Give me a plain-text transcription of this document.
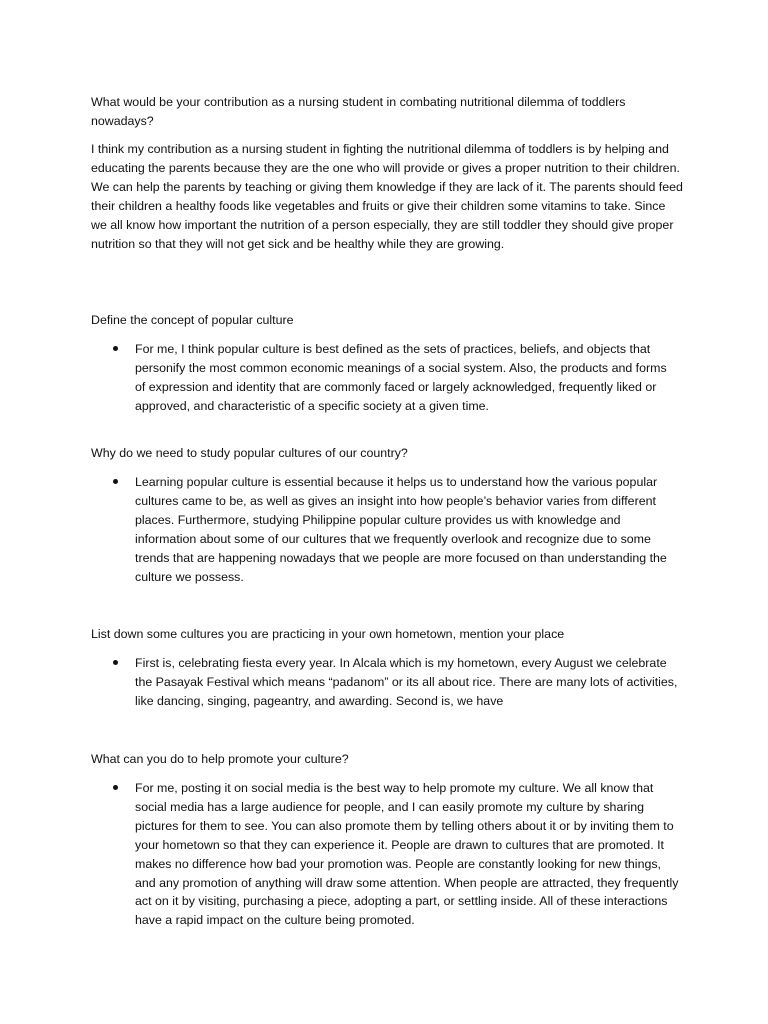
What would be your contribution as a nursing student in combating nutritional dilemma of toddlers nowadays?

I think my contribution as a nursing student in fighting the nutritional dilemma of toddlers is by helping and educating the parents because they are the one who will provide or gives a proper nutrition to their children. We can help the parents by teaching or giving them knowledge if they are lack of it. The parents should feed their children a healthy foods like vegetables and fruits or give their children some vitamins to take. Since we all know how important the nutrition of a person especially, they are still toddler they should give proper nutrition so that they will not get sick and be healthy while they are growing.

Define the concept of popular culture

For me, I think popular culture is best defined as the sets of practices, beliefs, and objects that personify the most common economic meanings of a social system. Also, the products and forms of expression and identity that are commonly faced or largely acknowledged, frequently liked or approved, and characteristic of a specific society at a given time.

Why do we need to study popular cultures of our country?

Learning popular culture is essential because it helps us to understand how the various popular cultures came to be, as well as gives an insight into how people’s behavior varies from different places. Furthermore, studying Philippine popular culture provides us with knowledge and information about some of our cultures that we frequently overlook and recognize due to some trends that are happening nowadays that we people are more focused on than understanding the culture we possess.

List down some cultures you are practicing in your own hometown, mention your place

First is, celebrating fiesta every year. In Alcala which is my hometown, every August we celebrate the Pasayak Festival which means “padanom” or its all about rice. There are many lots of activities, like dancing, singing, pageantry, and awarding. Second is, we have

What can you do to help promote your culture?

For me, posting it on social media is the best way to help promote my culture. We all know that social media has a large audience for people, and I can easily promote my culture by sharing pictures for them to see. You can also promote them by telling others about it or by inviting them to your hometown so that they can experience it. People are drawn to cultures that are promoted. It makes no difference how bad your promotion was. People are constantly looking for new things, and any promotion of anything will draw some attention. When people are attracted, they frequently act on it by visiting, purchasing a piece, adopting a part, or settling inside. All of these interactions have a rapid impact on the culture being promoted.
